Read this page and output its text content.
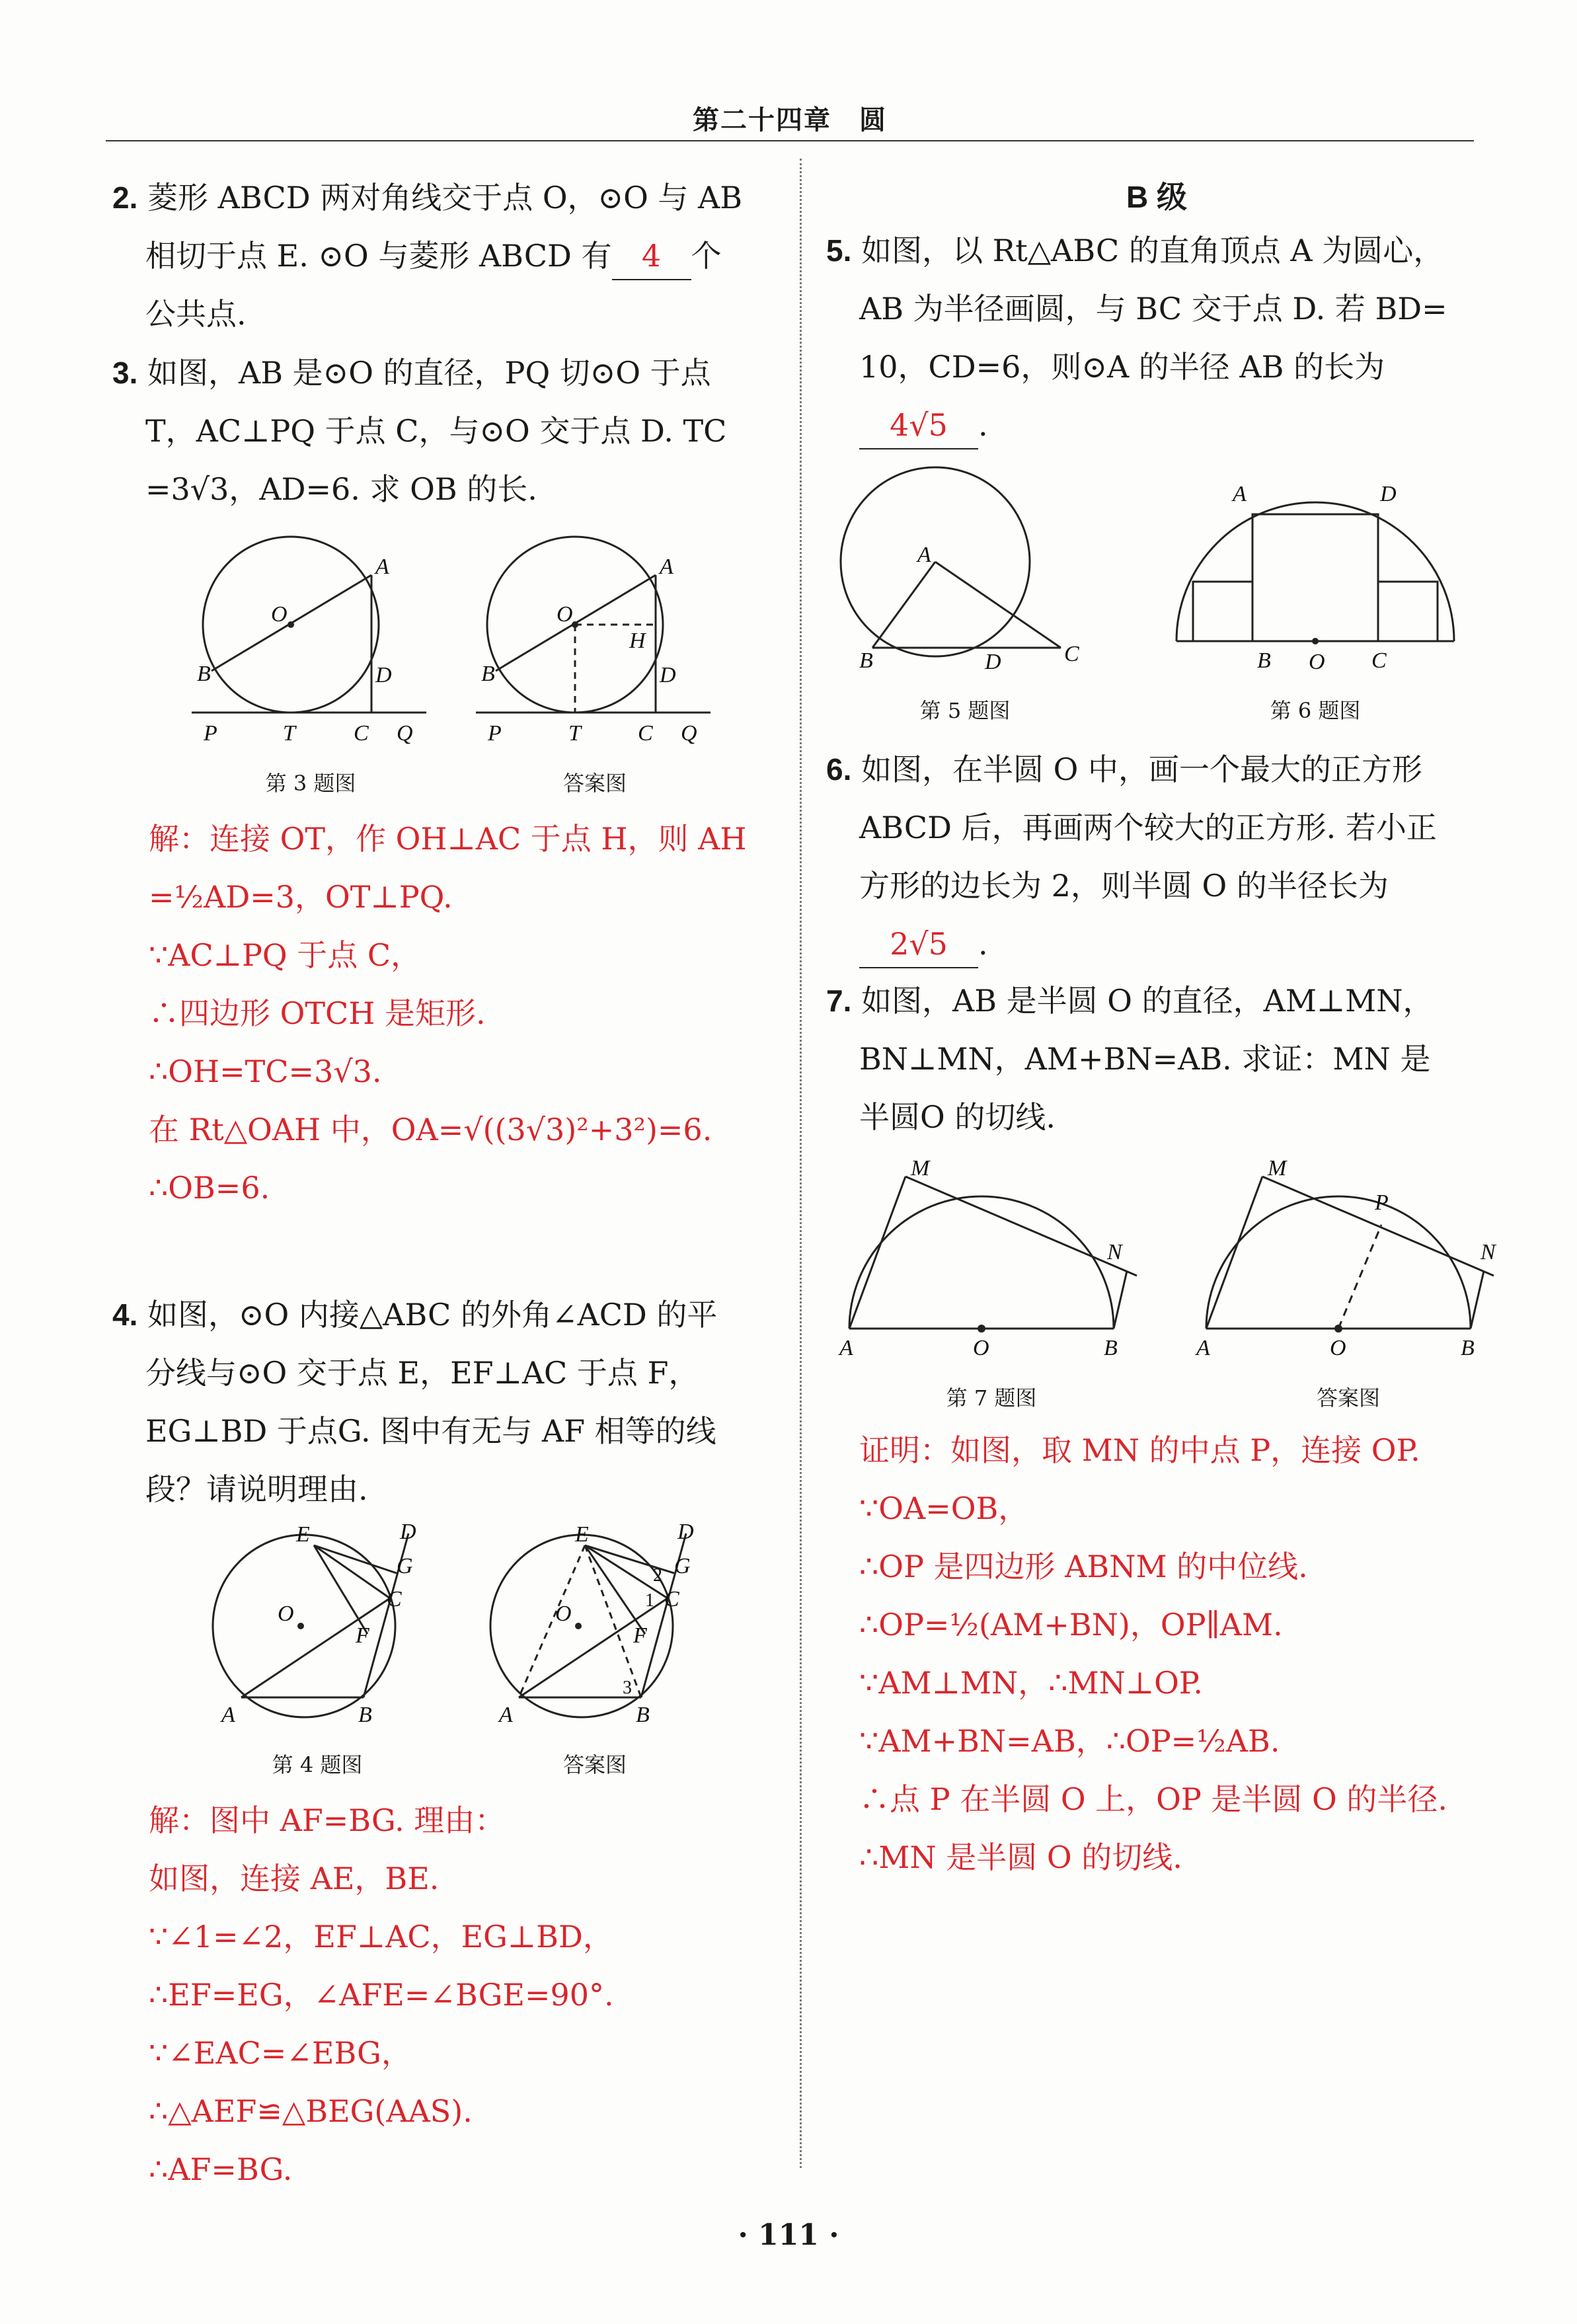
第二十四章　圆
2. 菱形 ABCD 两对角线交于点 O，⊙O 与 AB
相切于点 E. ⊙O 与菱形 ABCD 有 4 个
公共点.
3. 如图，AB 是⊙O 的直径，PQ 切⊙O 于点
T，AC⊥PQ 于点 C，与⊙O 交于点 D. TC
=3√3，AD=6. 求 OB 的长.
O
A
B	D
P	T	C Q
第 3 题图
O
A
H
B	D
P	T	C Q
答案图
解：连接 OT，作 OH⊥AC 于点 H，则 AH
=½AD=3，OT⊥PQ.
∵AC⊥PQ 于点 C，
∴四边形 OTCH 是矩形.
∴OH=TC=3√3.
在 Rt△OAH 中，OA=√((3√3)²+3²)=6.
∴OB=6.
4. 如图，⊙O 内接△ABC 的外角∠ACD 的平
分线与⊙O 交于点 E，EF⊥AC 于点 F，
EG⊥BD 于点G. 图中有无与 AF 相等的线
段？请说明理由.
O
E	D
G
C
F
A	B
第 4 题图
O
E	D
G
C
F
2
1
3
A	B
答案图
解：图中 AF=BG. 理由：
如图，连接 AE，BE.
∵∠1=∠2，EF⊥AC，EG⊥BD，
∴EF=EG，∠AFE=∠BGE=90°.
∵∠EAC=∠EBG，
∴△AEF≌△BEG(AAS).
∴AF=BG.
B 级
5. 如图，以 Rt△ABC 的直角顶点 A 为圆心，
AB 为半径画圆，与 BC 交于点 D. 若 BD=
10，CD=6，则⊙A 的半径 AB 的长为
4√5 .
A
B	D	C
第 5 题图
A	D
B O C
第 6 题图
6. 如图，在半圆 O 中，画一个最大的正方形
ABCD 后，再画两个较大的正方形. 若小正
方形的边长为 2，则半圆 O 的半径长为
2√5 .
7. 如图，AB 是半圆 O 的直径，AM⊥MN，
BN⊥MN，AM+BN=AB. 求证：MN 是
半圆O 的切线.
M
N
A	O	B
第 7 题图
M
P
N
A	O	B
答案图
证明：如图，取 MN 的中点 P，连接 OP.
∵OA=OB，
∴OP 是四边形 ABNM 的中位线.
∴OP=½(AM+BN)，OP∥AM.
∵AM⊥MN，∴MN⊥OP.
∵AM+BN=AB，∴OP=½AB.
∴点 P 在半圆 O 上，OP 是半圆 O 的半径.
∴MN 是半圆 O 的切线.
· 111 ·
